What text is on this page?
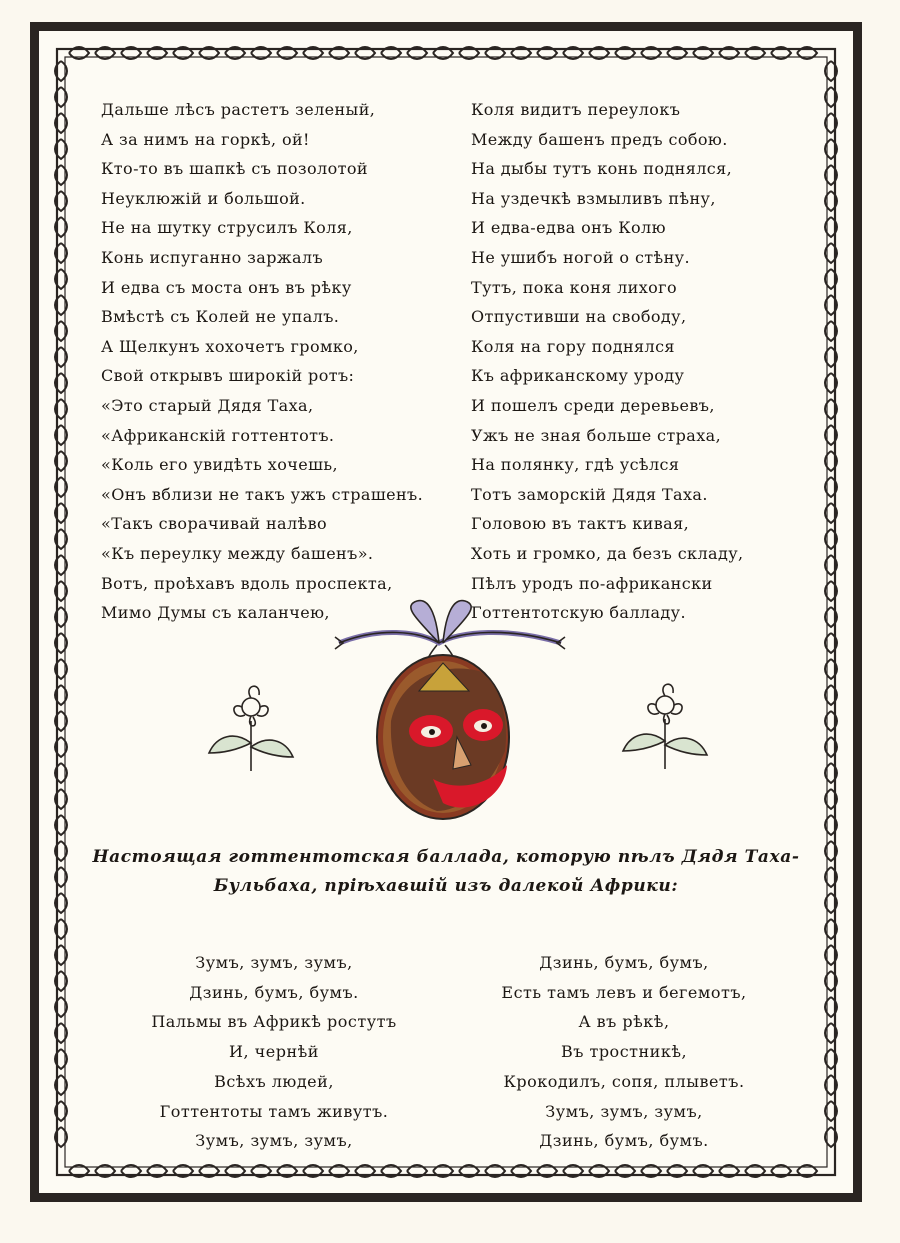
Дальше лѣсъ растетъ зеленый,
А за нимъ на горкѣ, ой!
Кто-то въ шапкѣ съ позолотой
Неуклюжій и большой.
Не на шутку струсилъ Коля,
Конь испуганно заржалъ
И едва съ моста онъ въ рѣку
Вмѣстѣ съ Колей не упалъ.
А Щелкунъ хохочетъ громко,
Свой открывъ широкій ротъ:
«Это старый Дядя Таха,
«Африканскій готтентотъ.
«Коль его увидѣть хочешь,
«Онъ вблизи не такъ ужъ страшенъ.
«Такъ сворачивай налѣво
«Къ переулку между башенъ».
Вотъ, проѣхавъ вдоль проспекта,
Мимо Думы съ каланчею,
Коля видитъ переулокъ
Между башенъ предъ собою.
На дыбы тутъ конь поднялся,
На уздечкѣ взмыливъ пѣну,
И едва-едва онъ Колю
Не ушибъ ногой о стѣну.
Тутъ, пока коня лихого
Отпустивши на свободу,
Коля на гору поднялся
Къ африканскому уроду
И пошелъ среди деревьевъ,
Ужъ не зная больше страха,
На полянку, гдѣ усѣлся
Тотъ заморскій Дядя Таха.
Головою въ тактъ кивая,
Хоть и громко, да безъ складу,
Пѣлъ уродъ по-африкански
Готтентотскую балладу.
Настоящая готтентотская баллада, которую пѣлъ Дядя Таха-
Бульбаха, пріѣхавшій изъ далекой Африки:
Зумъ, зумъ, зумъ,
Дзинь, бумъ, бумъ.
Пальмы въ Африкѣ ростутъ
И, чернѣй
Всѣхъ людей,
Готтентоты тамъ живутъ.
Зумъ, зумъ, зумъ,
Дзинь, бумъ, бумъ,
Есть тамъ левъ и бегемотъ,
А въ рѣкѣ,
Въ тростникѣ,
Крокодилъ, сопя, плыветъ.
Зумъ, зумъ, зумъ,
Дзинь, бумъ, бумъ.
